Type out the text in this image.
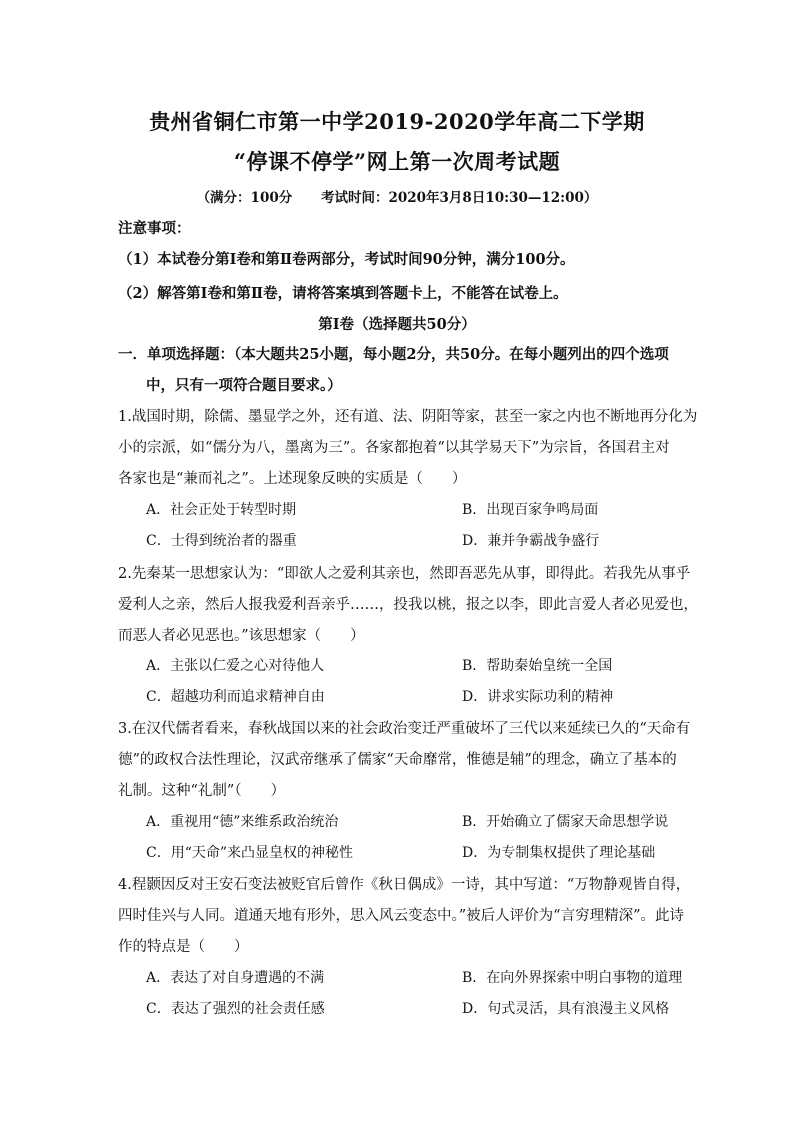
贵州省铜仁市第一中学2019-2020学年高二下学期
“停课不停学”网上第一次周考试题
（满分：100分 考试时间：2020年3月8日10:30—12:00）
注意事项：
（1）本试卷分第Ⅰ卷和第Ⅱ卷两部分，考试时间90分钟，满分100分。
（2）解答第Ⅰ卷和第Ⅱ卷，请将答案填到答题卡上，不能答在试卷上。
第Ⅰ卷（选择题共50分）
一．单项选择题：（本大题共25小题，每小题2分，共50分。在每小题列出的四个选项
中，只有一项符合题目要求。）
1.战国时期，除儒、墨显学之外，还有道、法、阴阳等家，甚至一家之内也不断地再分化为
小的宗派，如“儒分为八，墨离为三”。各家都抱着“以其学易天下”为宗旨，各国君主对
各家也是“兼而礼之”。上述现象反映的实质是（　　）
A．社会正处于转型时期	B．出现百家争鸣局面
C．士得到统治者的器重	D．兼并争霸战争盛行
2.先秦某一思想家认为：“即欲人之爱利其亲也，然即吾恶先从事，即得此。若我先从事乎
爱利人之亲，然后人报我爱利吾亲乎……，投我以桃，报之以李，即此言爱人者必见爱也，
而恶人者必见恶也。”该思想家（　　）
A．主张以仁爱之心对待他人	B．帮助秦始皇统一全国
C．超越功利而追求精神自由	D．讲求实际功利的精神
3.在汉代儒者看来，春秋战国以来的社会政治变迁严重破坏了三代以来延续已久的“天命有
德”的政权合法性理论，汉武帝继承了儒家“天命靡常，惟德是辅”的理念，确立了基本的
礼制。这种“礼制”（　　）
A．重视用“德”来维系政治统治	B．开始确立了儒家天命思想学说
C．用“天命”来凸显皇权的神秘性	D．为专制集权提供了理论基础
4.程颢因反对王安石变法被贬官后曾作《秋日偶成》一诗，其中写道：“万物静观皆自得，
四时佳兴与人同。道通天地有形外，思入风云变态中。”被后人评价为“言穷理精深”。此诗
作的特点是（　　）
A．表达了对自身遭遇的不满	B．在向外界探索中明白事物的道理
C．表达了强烈的社会责任感	D．句式灵活，具有浪漫主义风格
